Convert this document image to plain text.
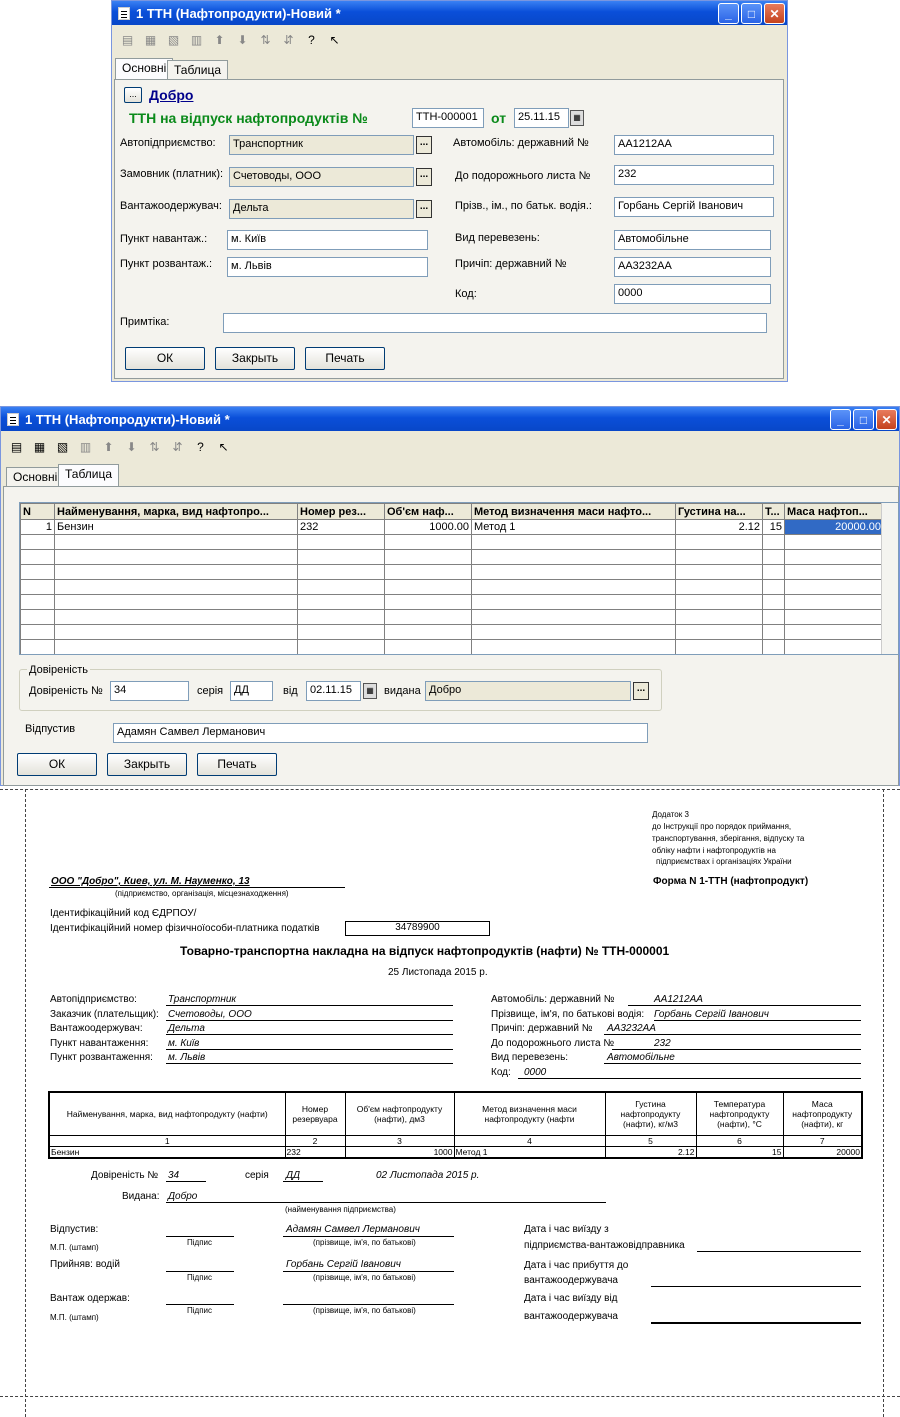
1 ТТН (Нафтопродукти)-Новий *	_	□	✕
▤ ▦ ▧ ▥	⬆	⬇	⇅	⇵	?	↖
Основні Таблица
... Добро
ТТН на відпуск нафтопродуктів №	ТТН-000001 от	25.11.15	▦
Автопідприємство:	Транспортник	...
Замовник (платник): Счетоводы, ООО	...
Вантажоодержувач:	Дельта	...
Пункт навантаж.:	м. Київ
Пункт розвантаж.:	м. Львів
Автомобіль: державний №	АА1212АА
До подорожнього листа №	232
Прізв., ім., по батьк. водія.:	Горбань Сергій Іванович
Вид перевезень:	Автомобільне
Причіп: державний №	АА3232АА
Код:	0000
Примтіка:
ОК	Закрыть	Печать
1 ТТН (Нафтопродукти)-Новий *	_	□	✕
▤ ▦ ▧ ▥	⬆	⬇	⇅	⇵	?	↖
Основні Таблица
N	Найменування, марка, вид нафтопро...	Номер рез...	Об'єм наф...	Метод визначення маси нафто...	Густина на...	Т...	Маса нафтоп...
1	Бензин	232	1000.00	Метод 1	2.12	15	20000.00

Довіреність
Довіреність №	34	серія ДД	від	02.11.15	▦ видана Добро	...
Відпустив	Адамян Самвел Лерманович
ОК	Закрыть	Печать
Додаток 3
до Інструкції про порядок приймання,
транспортування, зберігання, відпуску та
обліку нафти і нафтопродуктів на
підприємствах і організаціях України
Форма N 1-ТТН (нафтопродукт)
ООО "Добро", Киев, ул. М. Науменко, 13
(підприємство, організація, місцезнаходження)
Ідентифікаційний код ЄДРПОУ/
Ідентифікаційний номер фізичноїособи-платника податків	34789900
Товарно-транспортна накладна на відпуск нафтопродуктів (нафти) № ТТН-000001
25 Листопада 2015 р.
Автопідприємство:	Транспортник
Заказчик (плательщик): Счетоводы, ООО
Вантажоодержувач:	Дельта
Пункт навантаження: м. Київ
Пункт розвантаження: м. Львів
Автомобіль: державний №	АА1212АА
Прізвище, ім'я, по батькові водія: Горбань Сергій Іванович
Причіп: державний № АА3232АА
До подорожнього листа №	232
Вид перевезень:	Автомобільне
Код: 0000
Найменування, марка, вид нафтопродукту (нафти)	Номер резервуара	Об'єм нафтопродукту (нафти), дм3	Метод визначення маси нафтопродукту (нафти	Густина нафтопродукту (нафти), кг/м3	Температура нафтопродукту (нафти), °C	Маса нафтопродукту (нафти), кг
1	2	3	4	5	6	7
Бензин	232	1000	Метод 1	2.12	15	20000
Довіреність № 34	серія ДД	02 Листопада 2015 р.
Видана: Добро
(найменування підприємства)
Відпустив:
Підпис
Адамян Самвел Лерманович
(прізвище, ім'я, по батькові)
М.П. (штамп)
Прийняв: водій
Підпис
Горбань Сергій Іванович
(прізвище, ім'я, по батькові)
Вантаж одержав:
Підпис	(прізвище, ім'я, по батькові)
М.П. (штамп)
Дата і час виїзду з
підприємства-вантажовідправника
Дата і час прибуття до
вантажоодержувача
Дата і час виїзду від
вантажоодержувача
